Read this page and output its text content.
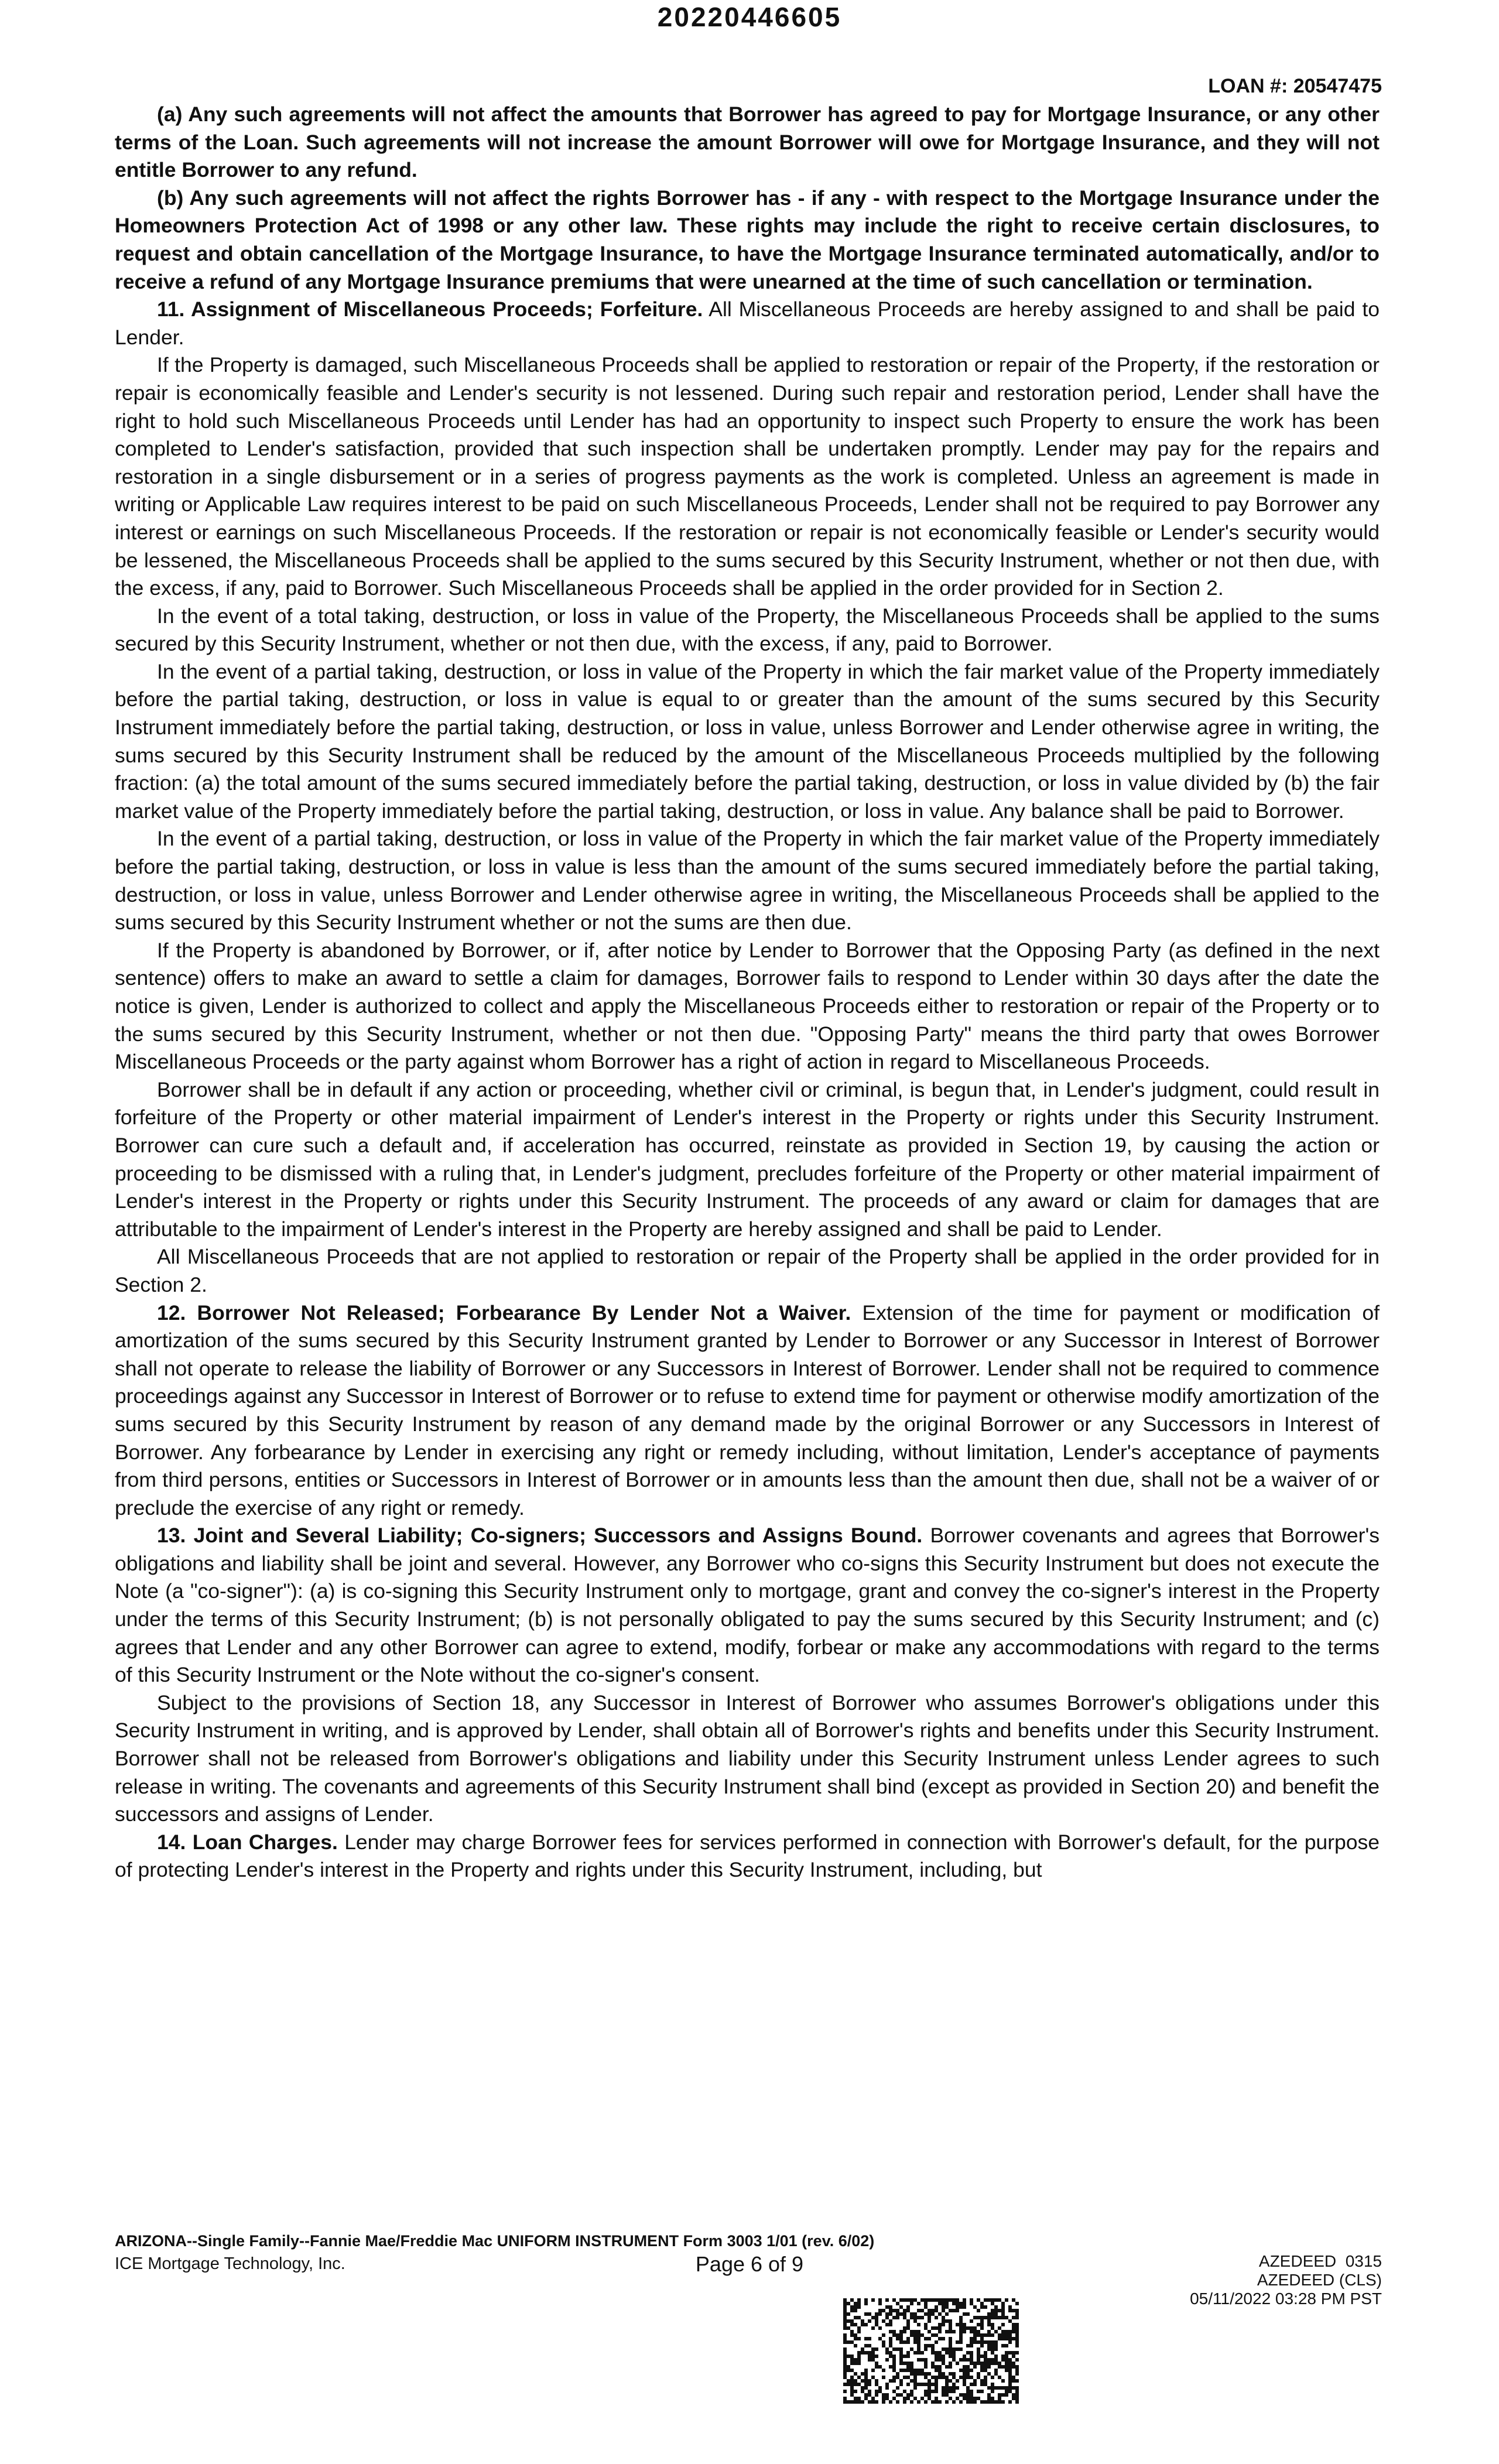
20220446605
LOAN #: 20547475

(a) Any such agreements will not affect the amounts that Borrower has agreed to pay for Mortgage Insurance, or any other terms of the Loan. Such agreements will not increase the amount Borrower will owe for Mortgage Insurance, and they will not entitle Borrower to any refund.

(b) Any such agreements will not affect the rights Borrower has - if any - with respect to the Mortgage Insurance under the Homeowners Protection Act of 1998 or any other law. These rights may include the right to receive certain disclosures, to request and obtain cancellation of the Mortgage Insurance, to have the Mortgage Insurance terminated automatically, and/or to receive a refund of any Mortgage Insurance premiums that were unearned at the time of such cancellation or termination.

11. Assignment of Miscellaneous Proceeds; Forfeiture. All Miscellaneous Proceeds are hereby assigned to and shall be paid to Lender.

If the Property is damaged, such Miscellaneous Proceeds shall be applied to restoration or repair of the Property, if the restoration or repair is economically feasible and Lender's security is not lessened. During such repair and restoration period, Lender shall have the right to hold such Miscellaneous Proceeds until Lender has had an opportunity to inspect such Property to ensure the work has been completed to Lender's satisfaction, provided that such inspection shall be undertaken promptly. Lender may pay for the repairs and restoration in a single disbursement or in a series of progress payments as the work is completed. Unless an agreement is made in writing or Applicable Law requires interest to be paid on such Miscellaneous Proceeds, Lender shall not be required to pay Borrower any interest or earnings on such Miscellaneous Proceeds. If the restoration or repair is not economically feasible or Lender's security would be lessened, the Miscellaneous Proceeds shall be applied to the sums secured by this Security Instrument, whether or not then due, with the excess, if any, paid to Borrower. Such Miscellaneous Proceeds shall be applied in the order provided for in Section 2.

In the event of a total taking, destruction, or loss in value of the Property, the Miscellaneous Proceeds shall be applied to the sums secured by this Security Instrument, whether or not then due, with the excess, if any, paid to Borrower.

In the event of a partial taking, destruction, or loss in value of the Property in which the fair market value of the Property immediately before the partial taking, destruction, or loss in value is equal to or greater than the amount of the sums secured by this Security Instrument immediately before the partial taking, destruction, or loss in value, unless Borrower and Lender otherwise agree in writing, the sums secured by this Security Instrument shall be reduced by the amount of the Miscellaneous Proceeds multiplied by the following fraction: (a) the total amount of the sums secured immediately before the partial taking, destruction, or loss in value divided by (b) the fair market value of the Property immediately before the partial taking, destruction, or loss in value. Any balance shall be paid to Borrower.

In the event of a partial taking, destruction, or loss in value of the Property in which the fair market value of the Property immediately before the partial taking, destruction, or loss in value is less than the amount of the sums secured immediately before the partial taking, destruction, or loss in value, unless Borrower and Lender otherwise agree in writing, the Miscellaneous Proceeds shall be applied to the sums secured by this Security Instrument whether or not the sums are then due.

If the Property is abandoned by Borrower, or if, after notice by Lender to Borrower that the Opposing Party (as defined in the next sentence) offers to make an award to settle a claim for damages, Borrower fails to respond to Lender within 30 days after the date the notice is given, Lender is authorized to collect and apply the Miscellaneous Proceeds either to restoration or repair of the Property or to the sums secured by this Security Instrument, whether or not then due. "Opposing Party" means the third party that owes Borrower Miscellaneous Proceeds or the party against whom Borrower has a right of action in regard to Miscellaneous Proceeds.

Borrower shall be in default if any action or proceeding, whether civil or criminal, is begun that, in Lender's judgment, could result in forfeiture of the Property or other material impairment of Lender's interest in the Property or rights under this Security Instrument. Borrower can cure such a default and, if acceleration has occurred, reinstate as provided in Section 19, by causing the action or proceeding to be dismissed with a ruling that, in Lender's judgment, precludes forfeiture of the Property or other material impairment of Lender's interest in the Property or rights under this Security Instrument. The proceeds of any award or claim for damages that are attributable to the impairment of Lender's interest in the Property are hereby assigned and shall be paid to Lender.

All Miscellaneous Proceeds that are not applied to restoration or repair of the Property shall be applied in the order provided for in Section 2.

12. Borrower Not Released; Forbearance By Lender Not a Waiver. Extension of the time for payment or modification of amortization of the sums secured by this Security Instrument granted by Lender to Borrower or any Successor in Interest of Borrower shall not operate to release the liability of Borrower or any Successors in Interest of Borrower. Lender shall not be required to commence proceedings against any Successor in Interest of Borrower or to refuse to extend time for payment or otherwise modify amortization of the sums secured by this Security Instrument by reason of any demand made by the original Borrower or any Successors in Interest of Borrower. Any forbearance by Lender in exercising any right or remedy including, without limitation, Lender's acceptance of payments from third persons, entities or Successors in Interest of Borrower or in amounts less than the amount then due, shall not be a waiver of or preclude the exercise of any right or remedy.

13. Joint and Several Liability; Co-signers; Successors and Assigns Bound. Borrower covenants and agrees that Borrower's obligations and liability shall be joint and several. However, any Borrower who co-signs this Security Instrument but does not execute the Note (a "co-signer"): (a) is co-signing this Security Instrument only to mortgage, grant and convey the co-signer's interest in the Property under the terms of this Security Instrument; (b) is not personally obligated to pay the sums secured by this Security Instrument; and (c) agrees that Lender and any other Borrower can agree to extend, modify, forbear or make any accommodations with regard to the terms of this Security Instrument or the Note without the co-signer's consent.

Subject to the provisions of Section 18, any Successor in Interest of Borrower who assumes Borrower's obligations under this Security Instrument in writing, and is approved by Lender, shall obtain all of Borrower's rights and benefits under this Security Instrument. Borrower shall not be released from Borrower's obligations and liability under this Security Instrument unless Lender agrees to such release in writing. The covenants and agreements of this Security Instrument shall bind (except as provided in Section 20) and benefit the successors and assigns of Lender.

14. Loan Charges. Lender may charge Borrower fees for services performed in connection with Borrower's default, for the purpose of protecting Lender's interest in the Property and rights under this Security Instrument, including, but

ARIZONA--Single Family--Fannie Mae/Freddie Mac UNIFORM INSTRUMENT Form 3003 1/01 (rev. 6/02)
ICE Mortgage Technology, Inc.	Page 6 of 9	AZEDEED  0315
AZEDEED (CLS)
05/11/2022 03:28 PM PST
